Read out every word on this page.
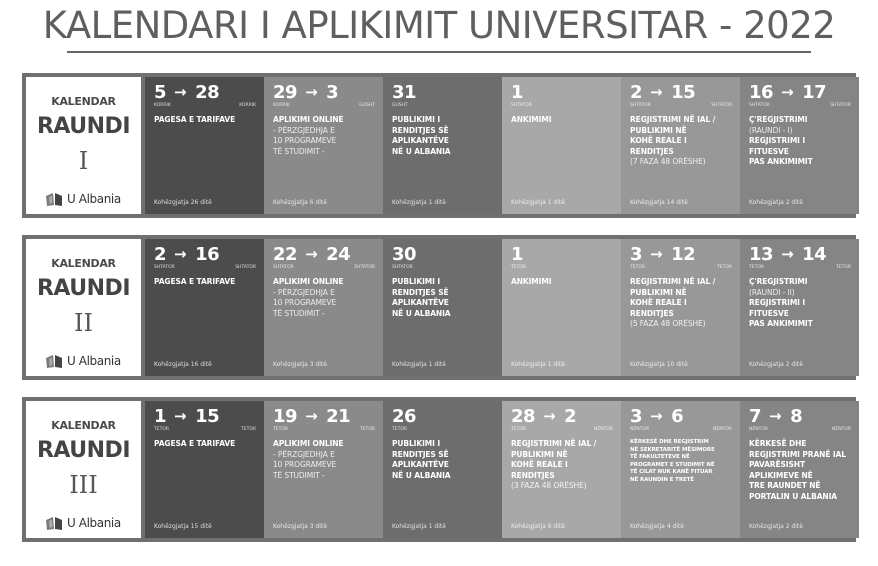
KALENDARI I APLIKIMIT UNIVERSITAR - 2022
KALENDAR
RAUNDI
I
U Albania
5 → 28
KORRIK	KORRIK
PAGESA E TARIFAVE
Kohëzgjatja 26 ditë
29 → 3
KORRIK	GUSHT
APLIKIMI ONLINE
- PËRZGJEDHJA E
10 PROGRAMEVE
TË STUDIMIT -
Kohëzgjatja 6 ditë
31
GUSHT
PUBLIKIMI I
RENDITJES SË
APLIKANTËVE
NË U ALBANIA
Kohëzgjatja 1 ditë
1
SHTATOR
ANKIMIMI
Kohëzgjatja 1 ditë
2 → 15
SHTATOR	SHTATOR
REGJISTRIMI NË IAL /
PUBLIKIMI NË
KOHË REALE I
RENDITJES
(7 FAZA 48 ORËSHE)
Kohëzgjatja 14 ditë
16 → 17
SHTATOR	SHTATOR
Ç'REGJISTRIMI
(RAUNDI - I)
REGJISTRIMI I
FITUESVE
PAS ANKIMIMIT
Kohëzgjatja 2 ditë
KALENDAR
RAUNDI
II
U Albania
2 → 16
SHTATOR	SHTATOR
PAGESA E TARIFAVE
Kohëzgjatja 16 ditë
22 → 24
SHTATOR	SHTATOR
APLIKIMI ONLINE
- PËRZGJEDHJA E
10 PROGRAMEVE
TË STUDIMIT -
Kohëzgjatja 3 ditë
30
SHTATOR
PUBLIKIMI I
RENDITJES SË
APLIKANTËVE
NË U ALBANIA
Kohëzgjatja 1 ditë
1
TETOR
ANKIMIMI
Kohëzgjatja 1 ditë
3 → 12
TETOR	TETOR
REGJISTRIMI NË IAL /
PUBLIKIMI NË
KOHË REALE I
RENDITJES
(5 FAZA 48 ORËSHE)
Kohëzgjatja 10 ditë
13 → 14
TETOR	TETOR
Ç'REGJISTRIMI
(RAUNDI - II)
REGJISTRIMI I
FITUESVE
PAS ANKIMIMIT
Kohëzgjatja 2 ditë
KALENDAR
RAUNDI
III
U Albania
1 → 15
TETOR	TETOR
PAGESA E TARIFAVE
Kohëzgjatja 15 ditë
19 → 21
TETOR	TETOR
APLIKIMI ONLINE
- PËRZGJEDHJA E
10 PROGRAMEVE
TË STUDIMIT -
Kohëzgjatja 3 ditë
26
TETOR
PUBLIKIMI I
RENDITJES SË
APLIKANTËVE
NË U ALBANIA
Kohëzgjatja 1 ditë
28 → 2
TETOR	NËNTOR
REGJISTRIMI NË IAL /
PUBLIKIMI NË
KOHË REALE I
RENDITJES
(3 FAZA 48 ORËSHE)
Kohëzgjatja 6 ditë
3 → 6
NËNTOR	NËNTOR
KËRKESË DHE REGJISTRIM
NË SEKRETARITË MËSIMORE
TË FAKULTETEVE NË
PROGRAMET E STUDIMIT NË
TË CILAT NUK KANË FITUAR
NË RAUNDIN E TRETË
Kohëzgjatja 4 ditë
7 → 8
NËNTOR	NËNTOR
KËRKESË DHE
REGJISTRIMI PRANË IAL
PAVARËSISHT
APLIKIMEVE NË
TRE RAUNDET NË
PORTALIN U ALBANIA
Kohëzgjatja 2 ditë
